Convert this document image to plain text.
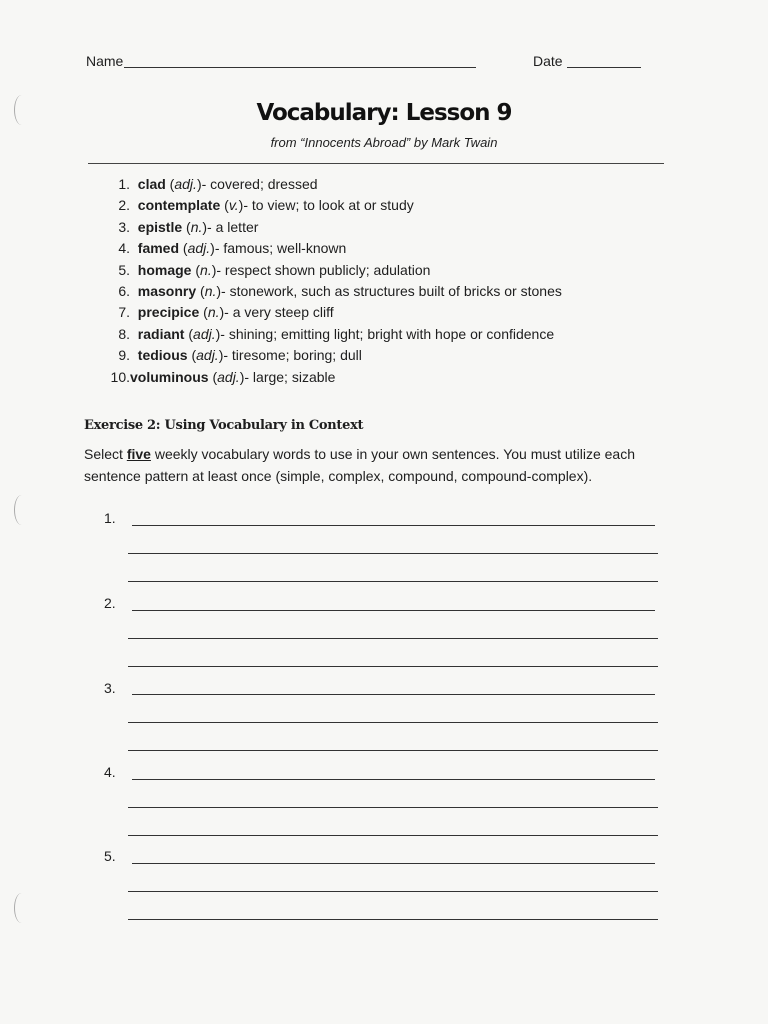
Name	Date
Vocabulary: Lesson 9
from “Innocents Abroad” by Mark Twain
1. clad (adj.)- covered; dressed
2. contemplate (v.)- to view; to look at or study
3. epistle (n.)- a letter
4. famed (adj.)- famous; well-known
5. homage (n.)- respect shown publicly; adulation
6. masonry (n.)- stonework, such as structures built of bricks or stones
7. precipice (n.)- a very steep cliff
8. radiant (adj.)- shining; emitting light; bright with hope or confidence
9. tedious (adj.)- tiresome; boring; dull
10.voluminous (adj.)- large; sizable
Exercise 2: Using Vocabulary in Context
Select five weekly vocabulary words to use in your own sentences. You must utilize each sentence pattern at least once (simple, complex, compound, compound-complex).
1.
2.
3.
4.
5.
